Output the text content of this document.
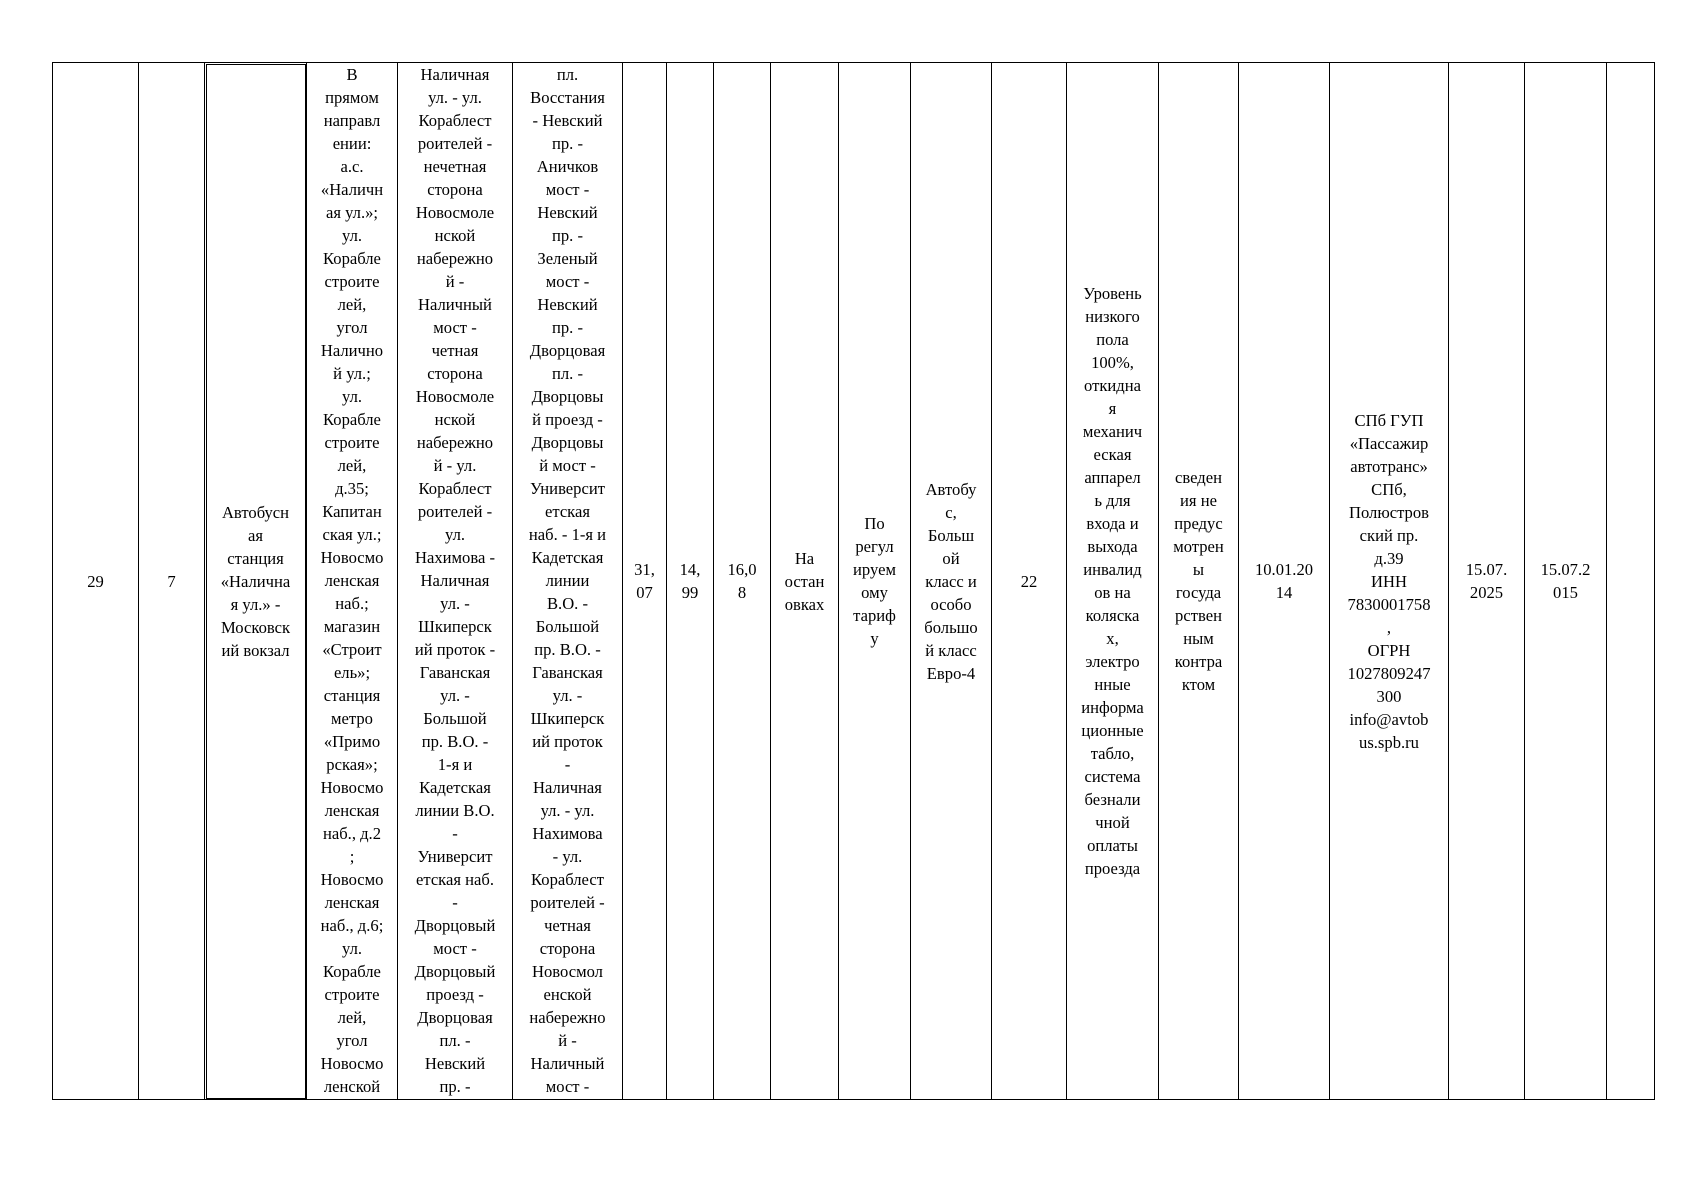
29	7	Автобусн
ая
станция
«Налична
я ул.» -
Московск
ий вокзал	В
прямом
направл
ении:
а.с.
«Наличн
ая ул.»;
ул.
Корабле
строите
лей,
угол
Налично
й ул.;
ул.
Корабле
строите
лей,
д.35;
Капитан
ская ул.;
Новосмо
ленская
наб.;
магазин
«Строит
ель»;
станция
метро
«Примо
рская»;
Новосмо
ленская
наб., д.2
;
Новосмо
ленская
наб., д.6;
ул.
Корабле
строите
лей,
угол
Новосмо
ленской	Наличная
ул. - ул.
Кораблест
роителей -
нечетная
сторона
Новосмоле
нской
набережно
й -
Наличный
мост -
четная
сторона
Новосмоле
нской
набережно
й - ул.
Кораблест
роителей -
ул.
Нахимова -
Наличная
ул. -
Шкиперск
ий проток -
Гаванская
ул. -
Большой
пр. В.О. -
1-я и
Кадетская
линии В.О.
-
Университ
етская наб.
-
Дворцовый
мост -
Дворцовый
проезд -
Дворцовая
пл. -
Невский
пр. -	пл.
Восстания
- Невский
пр. -
Аничков
мост -
Невский
пр. -
Зеленый
мост -
Невский
пр. -
Дворцовая
пл. -
Дворцовы
й проезд -
Дворцовы
й мост -
Университ
етская
наб. - 1-я и
Кадетская
линии
В.О. -
Большой
пр. В.О. -
Гаванская
ул. -
Шкиперск
ий проток
-
Наличная
ул. - ул.
Нахимова
- ул.
Кораблест
роителей -
четная
сторона
Новосмол
енской
набережно
й -
Наличный
мост -	31,
07	14,
99	16,0
8	На
остан
овках	По
регул
ируем
ому
тариф
у	Автобу
с,
Больш
ой
класс и
особо
большо
й класс
Евро-4	22	Уровень
низкого
пола
100%,
откидна
я
механич
еская
аппарел
ь для
входа и
выхода
инвалид
ов на
коляска
х,
электро
нные
информа
ционные
табло,
система
безнали
чной
оплаты
проезда	сведен
ия не
предус
мотрен
ы
госуда
рствен
ным
контра
ктом	10.01.20
14	СПб ГУП
«Пассажир
автотранс»
СПб,
Полюстров
ский пр.
д.39
ИНН
7830001758
,
ОГРН
1027809247
300
info@avtob
us.spb.ru	15.07.
2025	15.07.2
015	
